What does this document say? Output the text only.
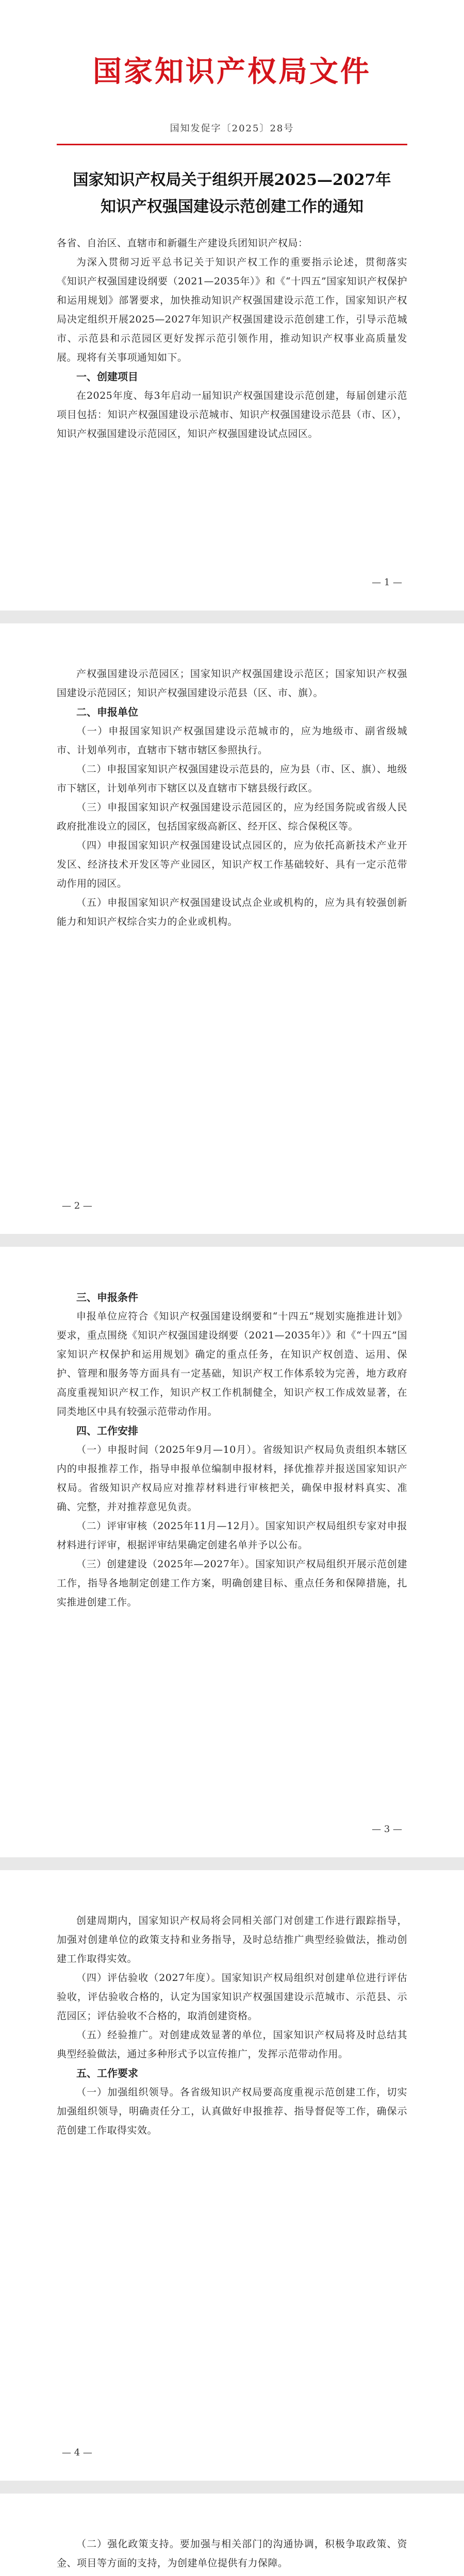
国家知识产权局文件
国知发促字〔2025〕28号
国家知识产权局关于组织开展2025—2027年
知识产权强国建设示范创建工作的通知

各省、自治区、直辖市和新疆生产建设兵团知识产权局：

为深入贯彻习近平总书记关于知识产权工作的重要指示论述，贯彻落实《知识产权强国建设纲要（2021—2035年）》和《“十四五”国家知识产权保护和运用规划》部署要求，加快推动知识产权强国建设示范工作，国家知识产权局决定组织开展2025—2027年知识产权强国建设示范创建工作，引导示范城市、示范县和示范园区更好发挥示范引领作用，推动知识产权事业高质量发展。现将有关事项通知如下。

一、创建项目

在2025年度、每3年启动一届知识产权强国建设示范创建，每届创建示范项目包括：知识产权强国建设示范城市、知识产权强国建设示范县（市、区），知识产权强国建设示范园区，知识产权强国建设试点园区。

— 1 —

产权强国建设示范园区；国家知识产权强国建设示范区；国家知识产权强国建设示范园区；知识产权强国建设示范县（区、市、旗）。

二、申报单位

（一）申报国家知识产权强国建设示范城市的，应为地级市、副省级城市、计划单列市，直辖市下辖市辖区参照执行。

（二）申报国家知识产权强国建设示范县的，应为县（市、区、旗）、地级市下辖区，计划单列市下辖区以及直辖市下辖县级行政区。

（三）申报国家知识产权强国建设示范园区的，应为经国务院或省级人民政府批准设立的园区，包括国家级高新区、经开区、综合保税区等。

（四）申报国家知识产权强国建设试点园区的，应为依托高新技术产业开发区、经济技术开发区等产业园区，知识产权工作基础较好、具有一定示范带动作用的园区。

（五）申报国家知识产权强国建设试点企业或机构的，应为具有较强创新能力和知识产权综合实力的企业或机构。

— 2 —

三、申报条件

申报单位应符合《知识产权强国建设纲要和“十四五”规划实施推进计划》要求，重点围绕《知识产权强国建设纲要（2021—2035年）》和《“十四五”国家知识产权保护和运用规划》确定的重点任务，在知识产权创造、运用、保护、管理和服务等方面具有一定基础，知识产权工作体系较为完善，地方政府高度重视知识产权工作，知识产权工作机制健全，知识产权工作成效显著，在同类地区中具有较强示范带动作用。

四、工作安排

（一）申报时间（2025年9月—10月）。省级知识产权局负责组织本辖区内的申报推荐工作，指导申报单位编制申报材料，择优推荐并报送国家知识产权局。省级知识产权局应对推荐材料进行审核把关，确保申报材料真实、准确、完整，并对推荐意见负责。

（二）评审审核（2025年11月—12月）。国家知识产权局组织专家对申报材料进行评审，根据评审结果确定创建名单并予以公布。

（三）创建建设（2025年—2027年）。国家知识产权局组织开展示范创建工作，指导各地制定创建工作方案，明确创建目标、重点任务和保障措施，扎实推进创建工作。

— 3 —

创建周期内，国家知识产权局将会同相关部门对创建工作进行跟踪指导，加强对创建单位的政策支持和业务指导，及时总结推广典型经验做法，推动创建工作取得实效。

（四）评估验收（2027年度）。国家知识产权局组织对创建单位进行评估验收，评估验收合格的，认定为国家知识产权强国建设示范城市、示范县、示范园区；评估验收不合格的，取消创建资格。

（五）经验推广。对创建成效显著的单位，国家知识产权局将及时总结其典型经验做法，通过多种形式予以宣传推广，发挥示范带动作用。

五、工作要求

（一）加强组织领导。各省级知识产权局要高度重视示范创建工作，切实加强组织领导，明确责任分工，认真做好申报推荐、指导督促等工作，确保示范创建工作取得实效。

— 4 —

（二）强化政策支持。要加强与相关部门的沟通协调，积极争取政策、资金、项目等方面的支持，为创建单位提供有力保障。
